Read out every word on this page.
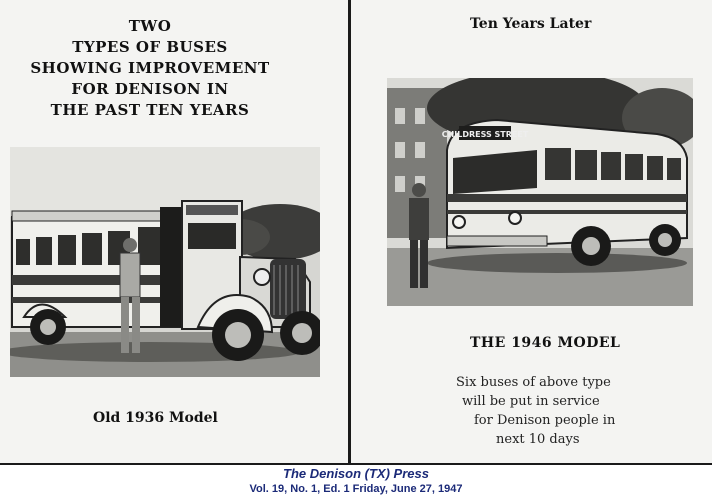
TWO
TYPES OF BUSES
SHOWING IMPROVEMENT
FOR DENISON IN
THE PAST TEN YEARS
Old 1936 Model
Ten Years Later
CHILDRESS STREET
THE 1946 MODEL
Six buses of above type
will be put in service
for Denison people in
next 10 days
The Denison (TX) Press
Vol. 19, No. 1, Ed. 1 Friday, June 27, 1947
